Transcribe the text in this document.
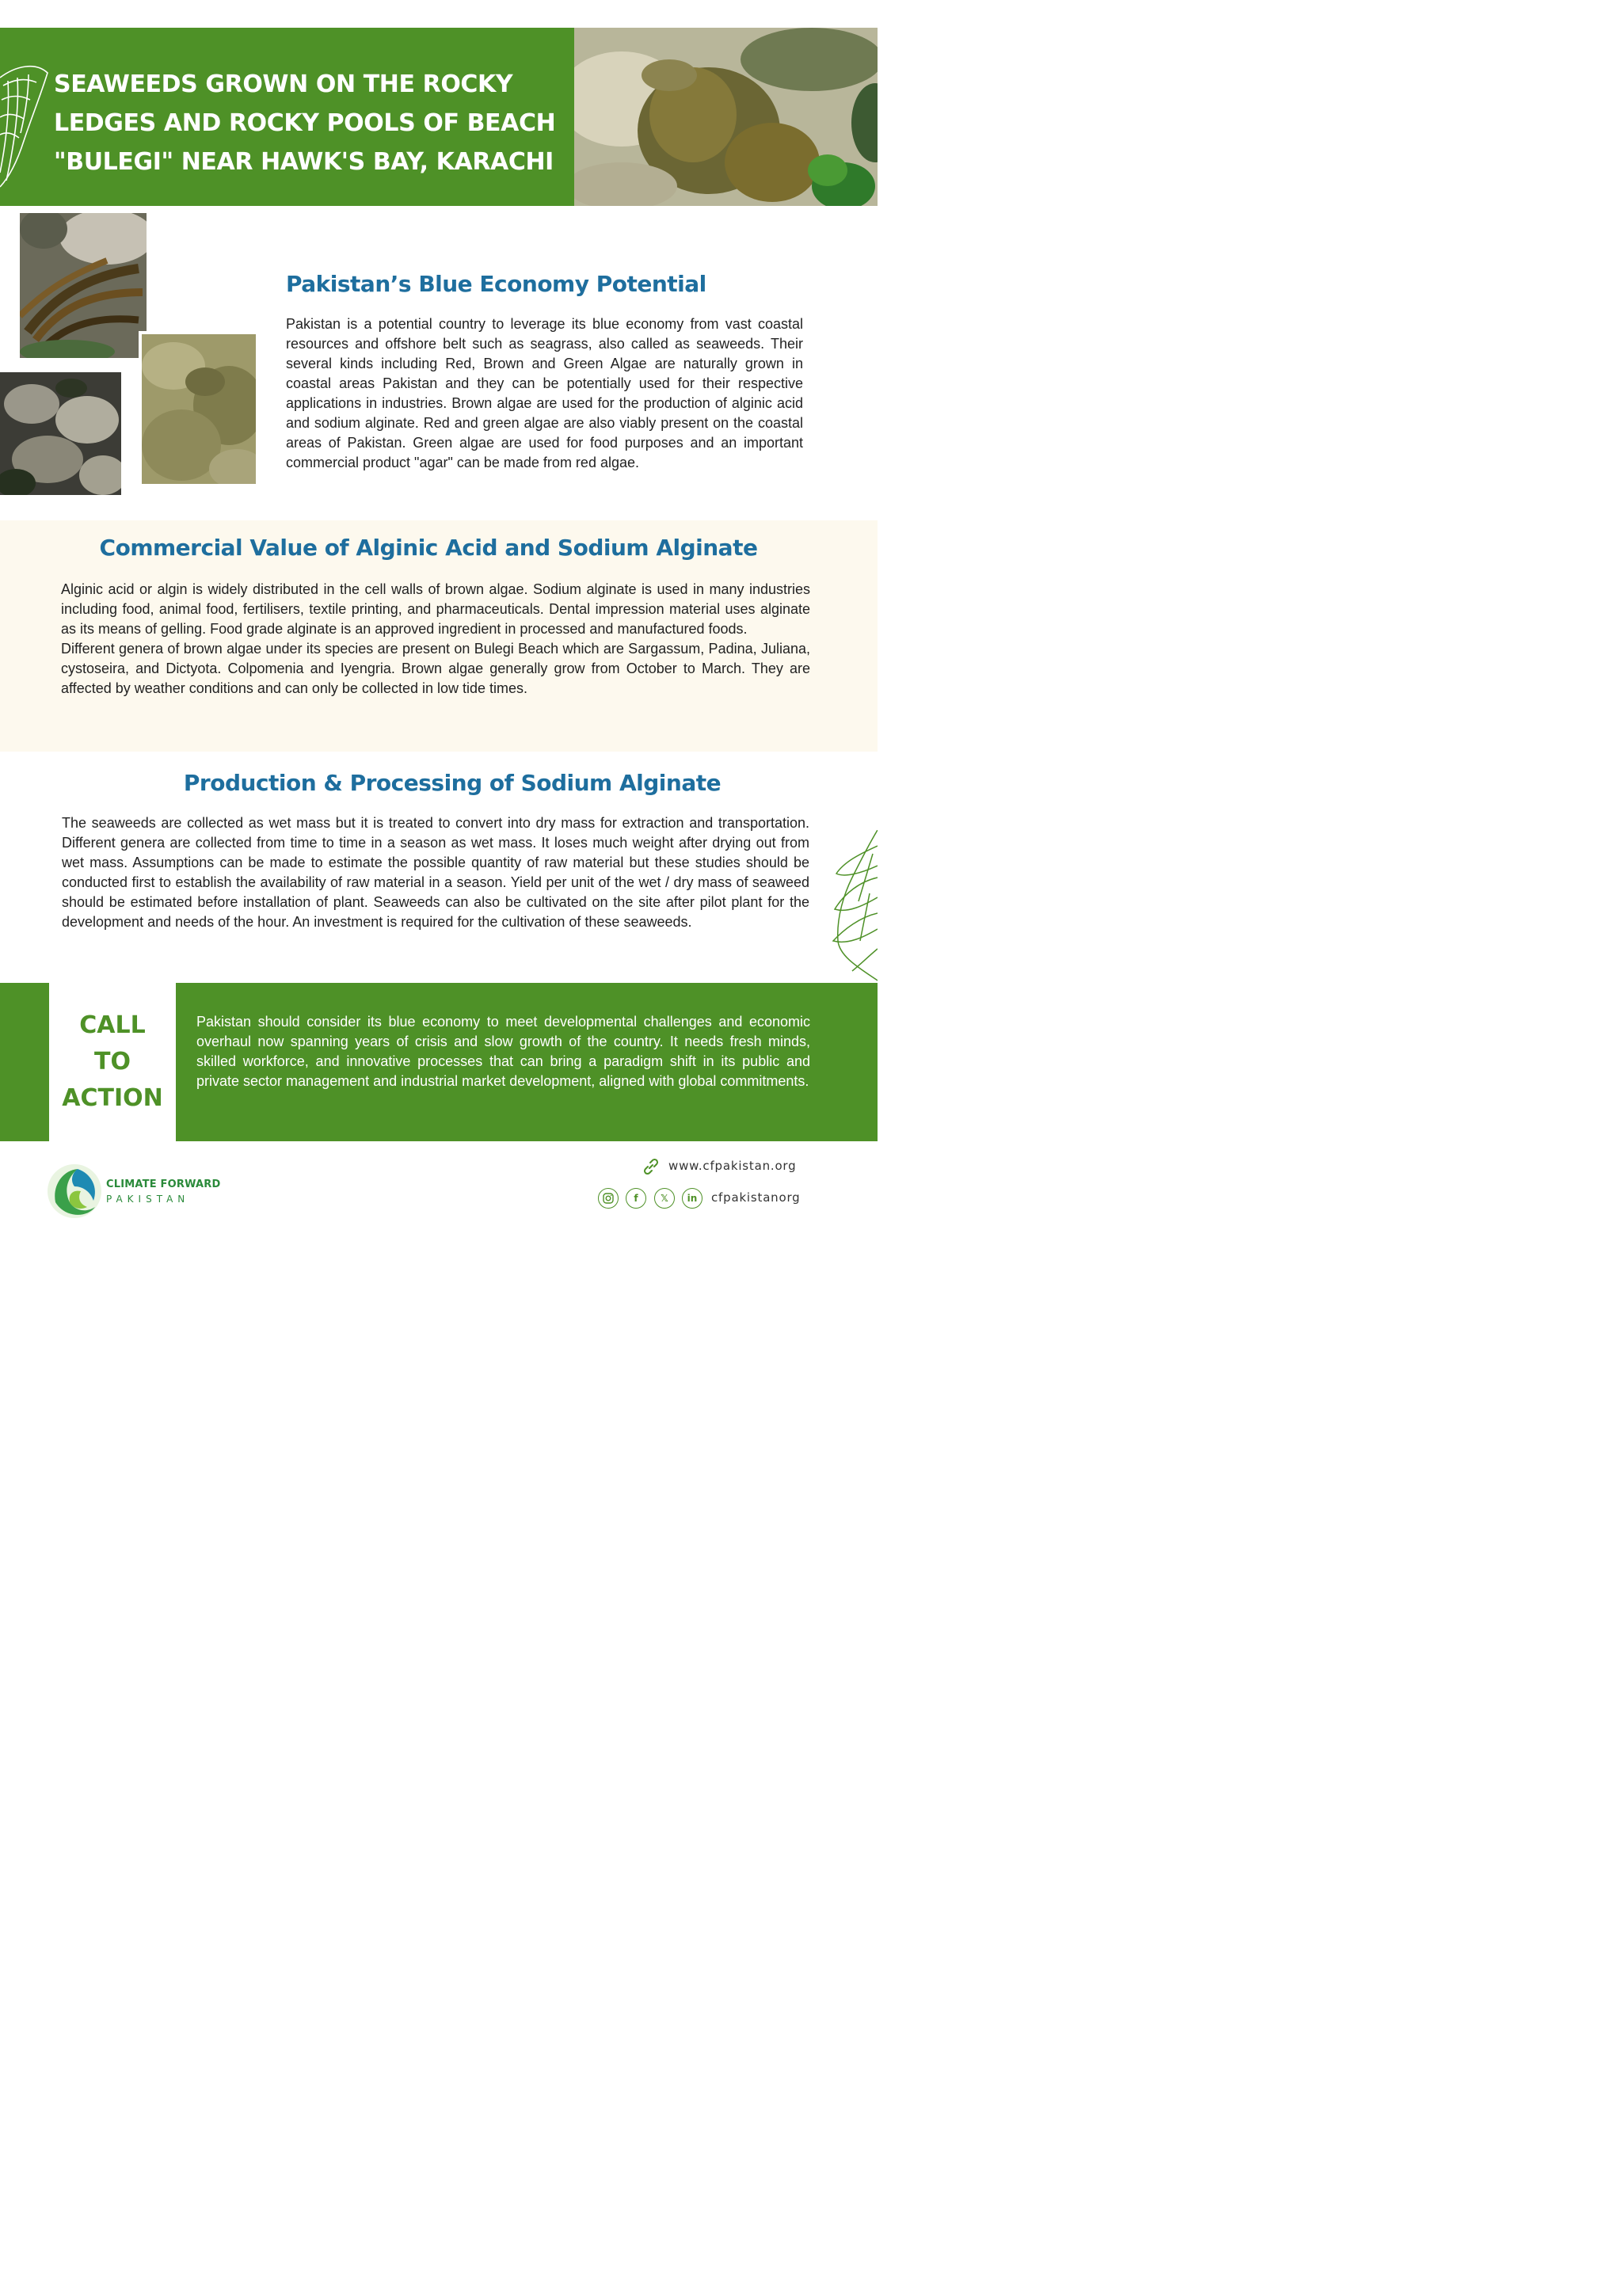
SEAWEEDS GROWN ON THE ROCKY
LEDGES AND ROCKY POOLS OF BEACH
"BULEGI" NEAR HAWK'S BAY, KARACHI
Pakistan’s Blue Economy Potential
Pakistan is a potential country to leverage its blue economy from vast coastal resources and offshore belt such as seagrass, also called as seaweeds. Their several kinds including Red, Brown and Green Algae are naturally grown in coastal areas Pakistan and they can be potentially used for their respective applications in industries. Brown algae are used for the production of alginic acid and sodium alginate. Red and green algae are also viably present on the coastal areas of Pakistan. Green algae are used for food purposes and an important commercial product "agar" can be made from red algae.
Commercial Value of Alginic Acid and Sodium Alginate

Alginic acid or algin is widely distributed in the cell walls of brown algae. Sodium alginate is used in many industries including food, animal food, fertilisers, textile printing, and pharmaceuticals. Dental impression material uses alginate as its means of gelling. Food grade alginate is an approved ingredient in processed and manufactured foods.

Different genera of brown algae under its species are present on Bulegi Beach which are Sargassum, Padina, Juliana, cystoseira, and Dictyota. Colpomenia and Iyengria. Brown algae generally grow from October to March. They are affected by weather conditions and can only be collected in low tide times.

Production & Processing of Sodium Alginate
The seaweeds are collected as wet mass but it is treated to convert into dry mass for extraction and transportation. Different genera are collected from time to time in a season as wet mass. It loses much weight after drying out from wet mass. Assumptions can be made to estimate the possible quantity of raw material but these studies should be conducted first to establish the availability of raw material in a season. Yield per unit of the wet / dry mass of seaweed should be estimated before installation of plant. Seaweeds can also be cultivated on the site after pilot plant for the development and needs of the hour. An investment is required for the cultivation of these seaweeds.
CALL
TO
ACTION
Pakistan should consider its blue economy to meet developmental challenges and economic overhaul now spanning years of crisis and slow growth of the country. It needs fresh minds, skilled workforce, and innovative processes that can bring a paradigm shift in its public and private sector management and industrial market development, aligned with global commitments.
CLIMATE FORWARD
PAKISTAN
www.cfpakistan.org
f	𝕏	in	cfpakistanorg
